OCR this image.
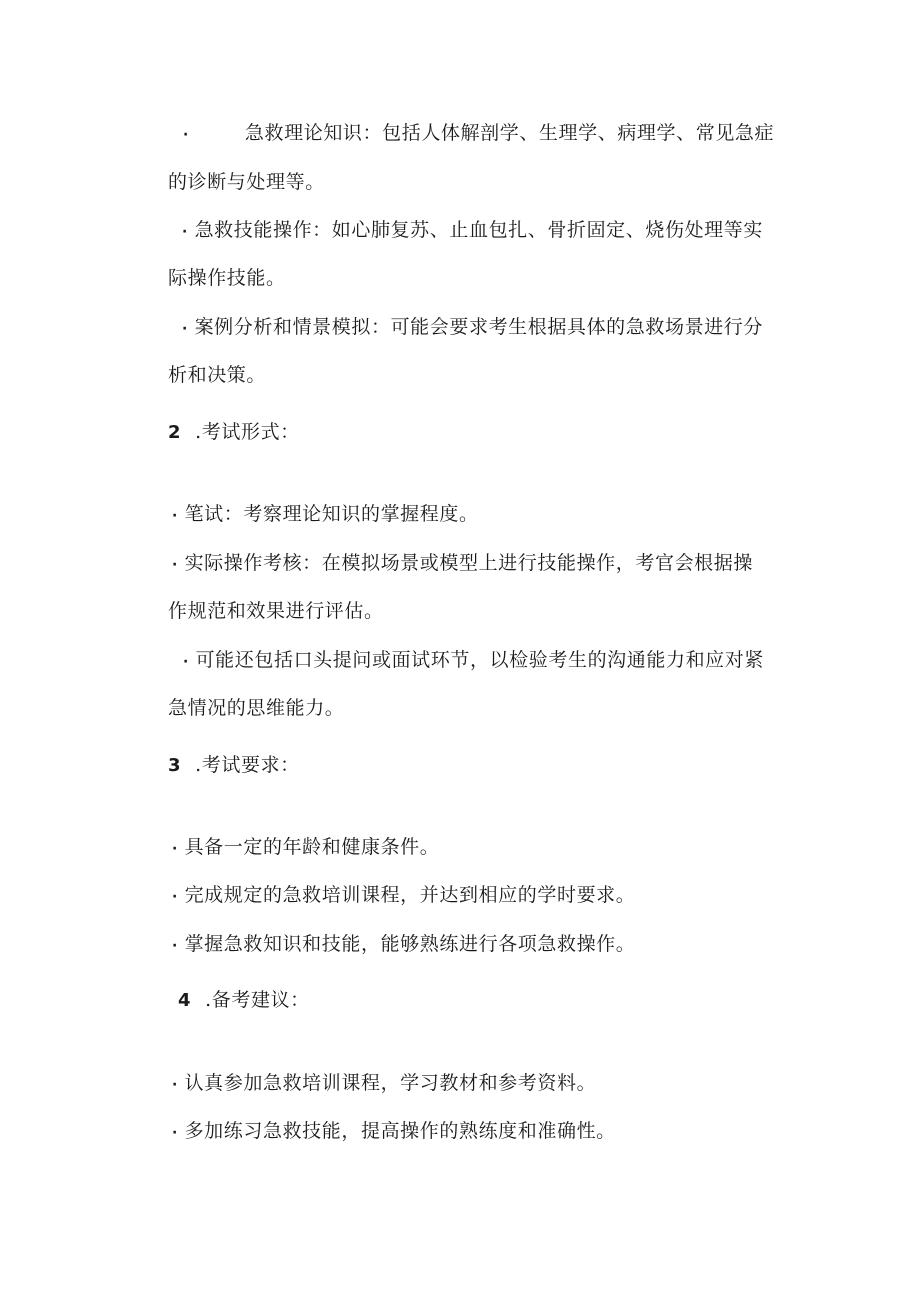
·	急救理论知识：包括人体解剖学、生理学、病理学、常见急症
的诊断与处理等。
· 急救技能操作：如心肺复苏、止血包扎、骨折固定、烧伤处理等实
际操作技能。
· 案例分析和情景模拟：可能会要求考生根据具体的急救场景进行分
析和决策。
2 .考试形式：
· 笔试：考察理论知识的掌握程度。
· 实际操作考核：在模拟场景或模型上进行技能操作，考官会根据操
作规范和效果进行评估。
· 可能还包括口头提问或面试环节，以检验考生的沟通能力和应对紧
急情况的思维能力。
3 .考试要求：
· 具备一定的年龄和健康条件。
· 完成规定的急救培训课程，并达到相应的学时要求。
· 掌握急救知识和技能，能够熟练进行各项急救操作。
4 .备考建议：
· 认真参加急救培训课程，学习教材和参考资料。
· 多加练习急救技能，提高操作的熟练度和准确性。
